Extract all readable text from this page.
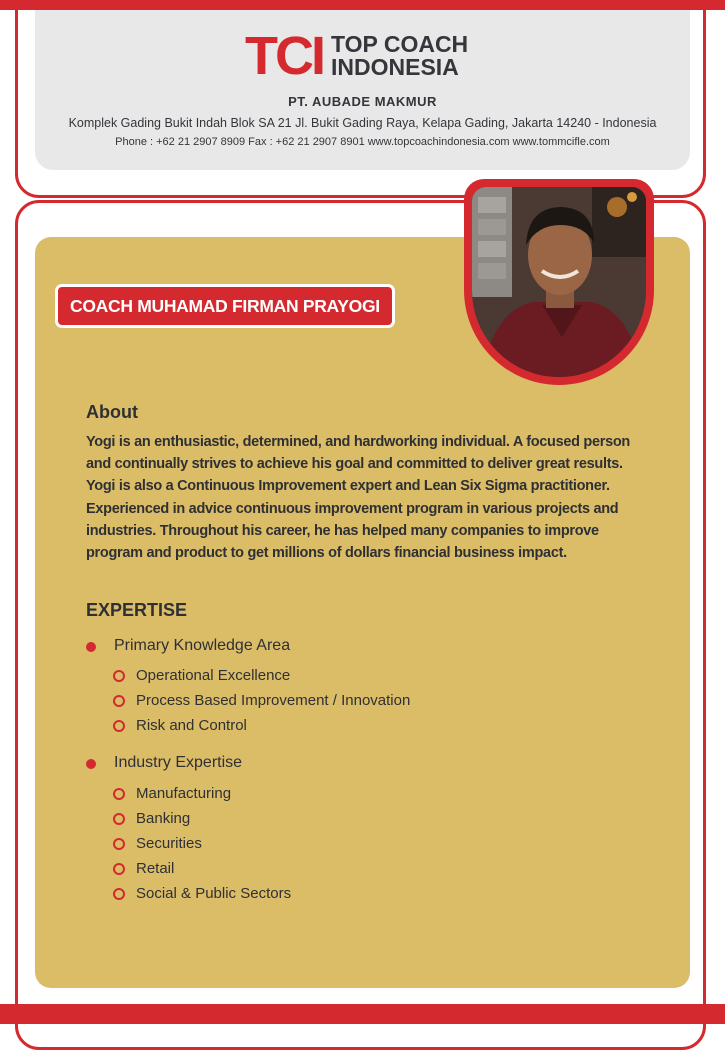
TCI TOP COACH
INDONESIA
PT. AUBADE MAKMUR
Komplek Gading Bukit Indah Blok SA 21 Jl. Bukit Gading Raya, Kelapa Gading, Jakarta 14240 - Indonesia
Phone : +62 21 2907 8909 Fax : +62 21 2907 8901 www.topcoachindonesia.com www.tommcifle.com
COACH MUHAMAD FIRMAN PRAYOGI
About
Yogi is an enthusiastic, determined, and hardworking individual. A focused person
and continually strives to achieve his goal and committed to deliver great results.
Yogi is also a Continuous Improvement expert and Lean Six Sigma practitioner.
Experienced in advice continuous improvement program in various projects and
industries. Throughout his career, he has helped many companies to improve
program and product to get millions of dollars financial business impact.
EXPERTISE
Primary Knowledge Area
Operational Excellence
Process Based Improvement / Innovation
Risk and Control
Industry Expertise
Manufacturing
Banking
Securities
Retail
Social & Public Sectors
